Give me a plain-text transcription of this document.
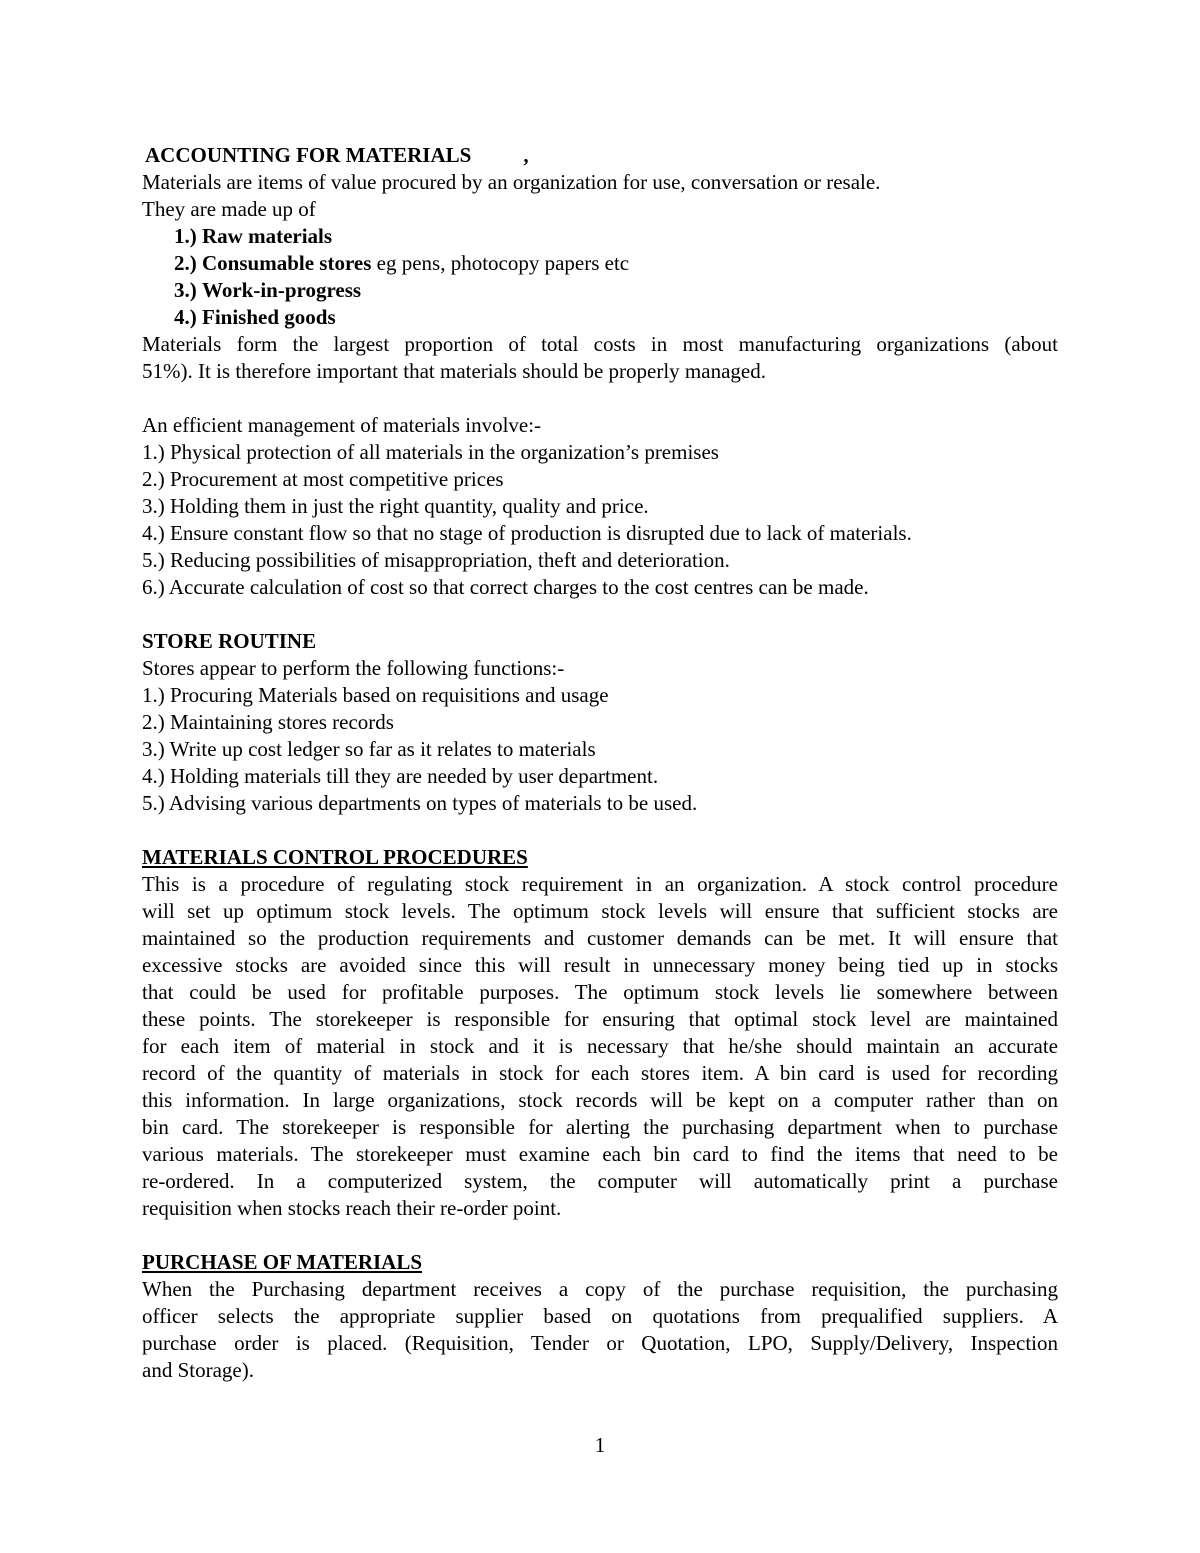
ACCOUNTING FOR MATERIALS ,
Materials are items of value procured by an organization for use, conversation or resale.
They are made up of
1.) Raw materials
2.) Consumable stores eg pens, photocopy papers etc
3.) Work-in-progress
4.) Finished goods
Materials form the largest proportion of total costs in most manufacturing organizations (about
51%). It is therefore important that materials should be properly managed.
An efficient management of materials involve:-
1.) Physical protection of all materials in the organization’s premises
2.) Procurement at most competitive prices
3.) Holding them in just the right quantity, quality and price.
4.) Ensure constant flow so that no stage of production is disrupted due to lack of materials.
5.) Reducing possibilities of misappropriation, theft and deterioration.
6.) Accurate calculation of cost so that correct charges to the cost centres can be made.
STORE ROUTINE
Stores appear to perform the following functions:-
1.) Procuring Materials based on requisitions and usage
2.) Maintaining stores records
3.) Write up cost ledger so far as it relates to materials
4.) Holding materials till they are needed by user department.
5.) Advising various departments on types of materials to be used.
MATERIALS CONTROL PROCEDURES
This is a procedure of regulating stock requirement in an organization. A stock control procedure
will set up optimum stock levels. The optimum stock levels will ensure that sufficient stocks are
maintained so the production requirements and customer demands can be met. It will ensure that
excessive stocks are avoided since this will result in unnecessary money being tied up in stocks
that could be used for profitable purposes. The optimum stock levels lie somewhere between
these points. The storekeeper is responsible for ensuring that optimal stock level are maintained
for each item of material in stock and it is necessary that he/she should maintain an accurate
record of the quantity of materials in stock for each stores item. A bin card is used for recording
this information. In large organizations, stock records will be kept on a computer rather than on
bin card. The storekeeper is responsible for alerting the purchasing department when to purchase
various materials. The storekeeper must examine each bin card to find the items that need to be
re-ordered. In a computerized system, the computer will automatically print a purchase
requisition when stocks reach their re-order point.
PURCHASE OF MATERIALS
When the Purchasing department receives a copy of the purchase requisition, the purchasing
officer selects the appropriate supplier based on quotations from prequalified suppliers. A
purchase order is placed. (Requisition, Tender or Quotation, LPO, Supply/Delivery, Inspection
and Storage).
1
